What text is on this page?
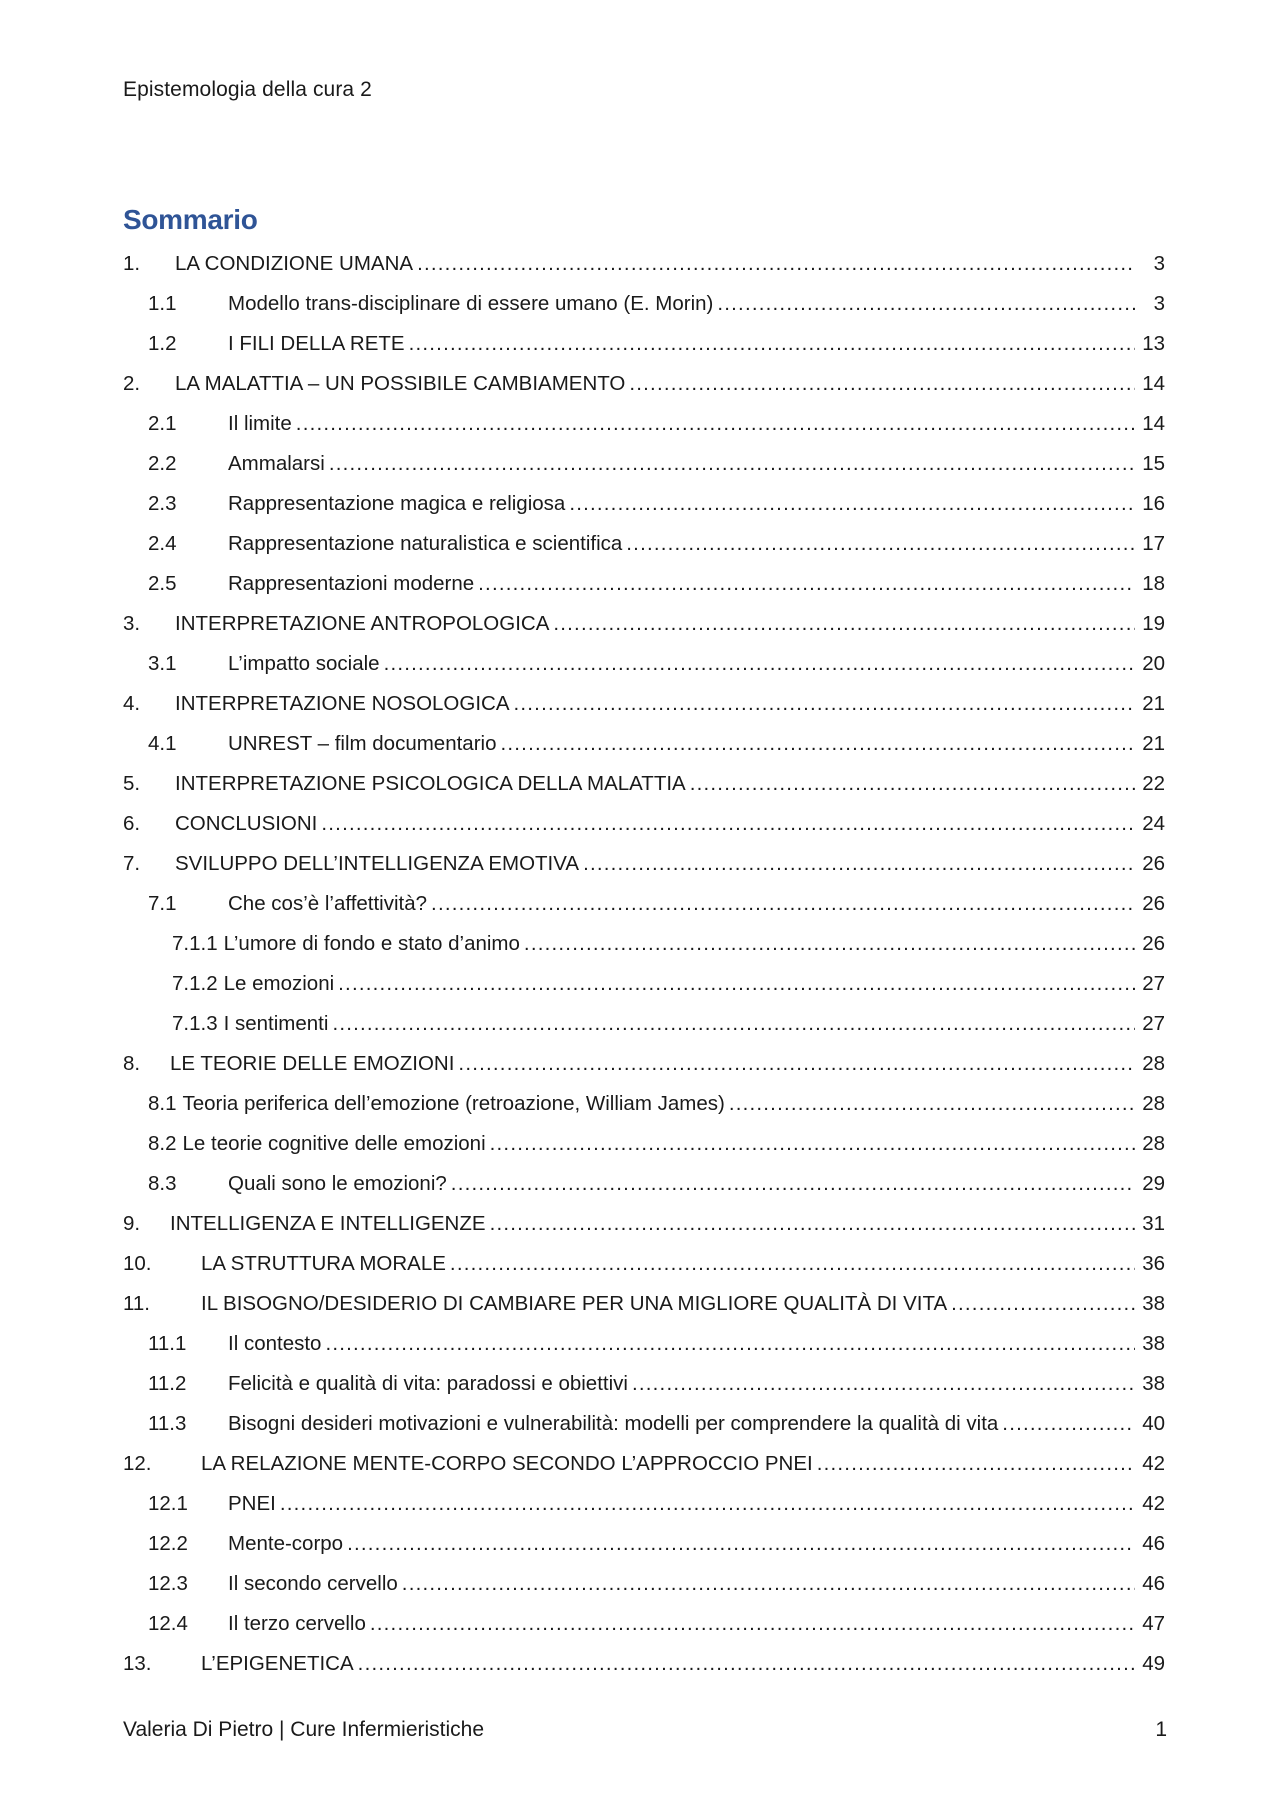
Epistemologia della cura 2
Sommario
1.	LA CONDIZIONE UMANA .....	3
1.1	Modello trans-disciplinare di essere umano (E. Morin) .....	3
1.2	I FILI DELLA RETE .....	13
2.	LA MALATTIA – UN POSSIBILE CAMBIAMENTO .....	14
2.1	Il limite .....	14
2.2	Ammalarsi .....	15
2.3	Rappresentazione magica e religiosa .....	16
2.4	Rappresentazione naturalistica e scientifica .....	17
2.5	Rappresentazioni moderne .....	18
3.	INTERPRETAZIONE ANTROPOLOGICA .....	19
3.1	L’impatto sociale .....	20
4.	INTERPRETAZIONE NOSOLOGICA .....	21
4.1	UNREST – film documentario .....	21
5.	INTERPRETAZIONE PSICOLOGICA DELLA MALATTIA .....	22
6.	CONCLUSIONI .....	24
7.	SVILUPPO DELL’INTELLIGENZA EMOTIVA .....	26
7.1	Che cos’è l’affettività? .....	26
7.1.1 L’umore di fondo e stato d’animo .....	26
7.1.2 Le emozioni .....	27
7.1.3 I sentimenti .....	27
8.	LE TEORIE DELLE EMOZIONI .....	28
8.1 Teoria periferica dell’emozione (retroazione, William James) .....	28
8.2 Le teorie cognitive delle emozioni .....	28
8.3	Quali sono le emozioni? .....	29
9.	INTELLIGENZA E INTELLIGENZE .....	31
10.	LA STRUTTURA MORALE .....	36
11.	IL BISOGNO/DESIDERIO DI CAMBIARE PER UNA MIGLIORE QUALITÀ DI VITA .....	38
11.1	Il contesto .....	38
11.2	Felicità e qualità di vita: paradossi e obiettivi .....	38
11.3	Bisogni desideri motivazioni e vulnerabilità: modelli per comprendere la qualità di vita .....	40
12.	LA RELAZIONE MENTE-CORPO SECONDO L’APPROCCIO PNEI .....	42
12.1	PNEI .....	42
12.2	Mente-corpo .....	46
12.3	Il secondo cervello .....	46
12.4	Il terzo cervello .....	47
13.	L’EPIGENETICA .....	49
Valeria Di Pietro | Cure Infermieristiche	1
